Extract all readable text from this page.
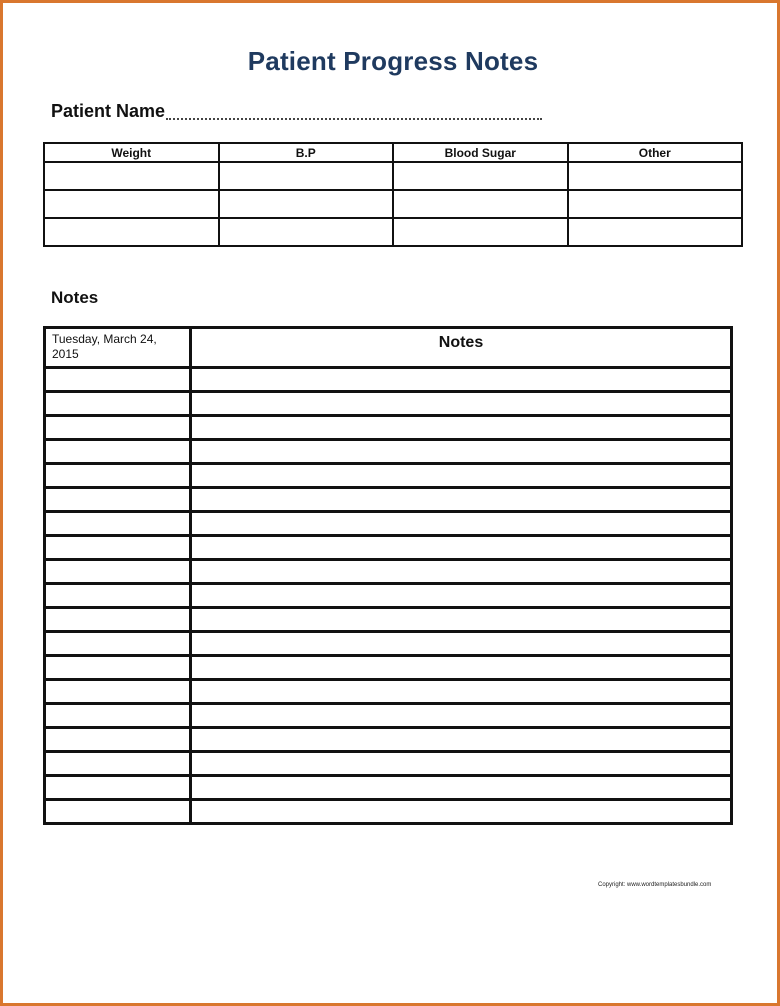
Patient Progress Notes
Patient Name
Weight	B.P	Blood Sugar	Other

Notes
Tuesday, March 24, 2015	Notes

Copyright: www.wordtemplatesbundle.com
